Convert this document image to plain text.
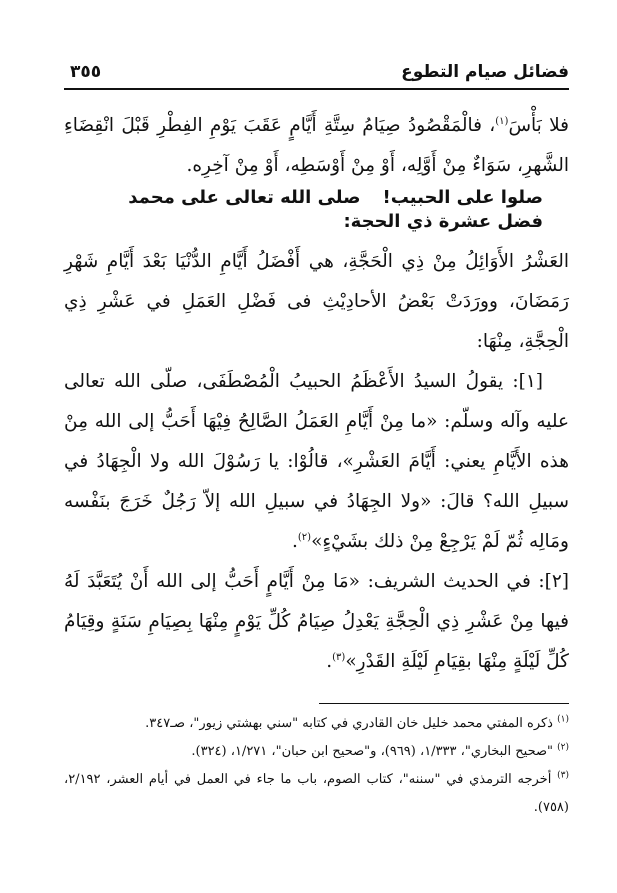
فضائل صيام التطوع
٣٥٥

فلا بَأْسَ$^{(١)}$، فالْمَقْصُودُ صِيَامُ سِتَّةِ أَيَّامٍ عَقَبَ يَوْمِ الفِطْرِ قَبْلَ انْقِضَاءِ الشَّهرِ، سَوَاءٌ مِنْ أَوَّلِه، أَوْ مِنْ أَوْسَطِه، أَوْ مِنْ آخِرِه.

صلوا على الحبيب!صلى الله تعالى على محمد
فضل عشرة ذي الحجة:

العَشْرُ الأَوَائِلُ مِنْ ذِي الْحَجَّةِ، هي أَفْضَلُ أَيَّامِ الدُّنْيَا بَعْدَ أَيَّامِ شَهْرِ رَمَضَانَ، وورَدَتْ بَعْضُ الأحادِيْثِ فى فَضْلِ العَمَلِ في عَشْرِ ذِي الْحِجَّةِ، مِنْهَا:

[١]: يقولُ السيدُ الأَعْظَمُ الحبيبُ الْمُصْطَفَى، صلّى الله تعالى عليه وآله وسلّم: «ما مِنْ أَيَّامِ العَمَلُ الصَّالِحُ فِيْهَا أَحَبُّ إلى الله مِنْ هذه الأَيَّامِ يعني: أَيَّامَ العَشْرِ»، قالُوْا: يا رَسُوْلَ الله ولا الْجِهَادُ في سبيلِ الله؟ قالَ: «ولا الجِهَادُ في سبيلِ الله إلاّ رَجُلٌ خَرَجَ بنَفْسه ومَالِه ثُمّ لَمْ يَرْجِعْ مِنْ ذلك بشَيْءٍ»$^{(٢)}$.

[٢]: في الحديث الشريف: «مَا مِنْ أَيَّامٍ أَحَبُّ إلى الله أَنْ يُتَعَبَّدَ لَهُ فيها مِنْ عَشْرِ ذِي الْحِجَّةِ يَعْدِلُ صِيَامُ كُلِّ يَوْمٍ مِنْهَا بِصِيَامِ سَنَةٍ وقِيَامُ كُلِّ لَيْلَةٍ مِنْهَا بقِيَامِ لَيْلَةِ القَدْرِ»$^{(٣)}$.

$^{(١)}$ ذكره المفتي محمد خليل خان القادري في كتابه "سني بهشتي زيور"، صـ٣٤٧.

$^{(٢)}$ "صحيح البخاري"، ١/٣٣٣، (٩٦٩)، و"صحيح ابن حبان"، ١/٢٧١، (٣٢٤).

$^{(٣)}$ أخرجه الترمذي في "سننه"، كتاب الصوم، باب ما جاء في العمل في أيام العشر، ٢/١٩٢، (٧٥٨).
